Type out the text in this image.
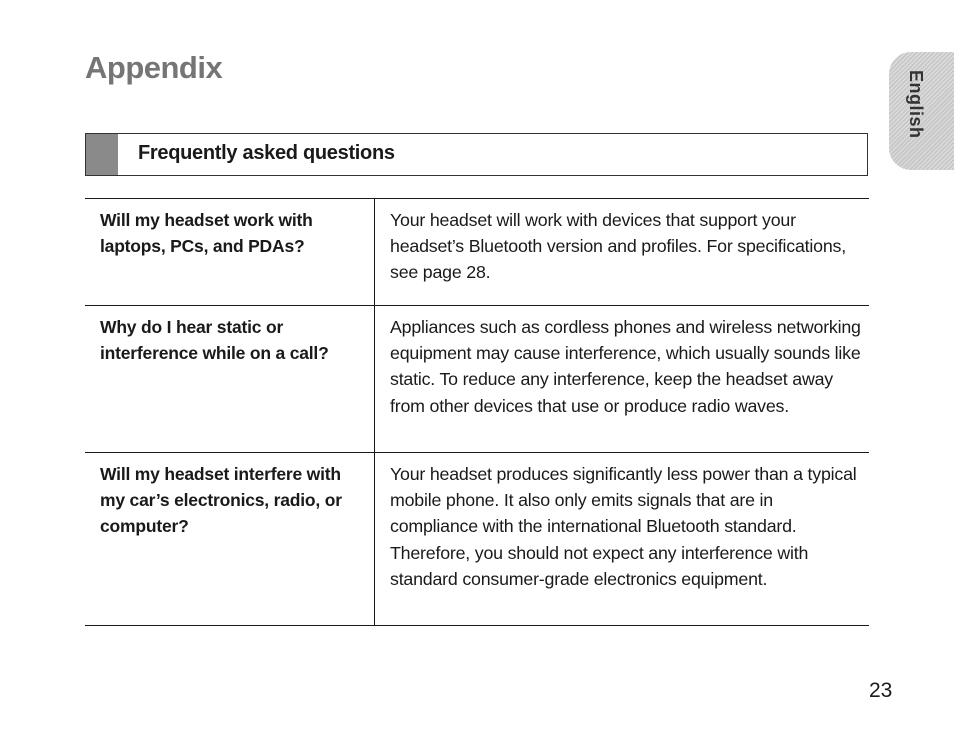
Appendix
English
Frequently asked questions
Will my headset work with laptops, PCs, and PDAs?	Your headset will work with devices that support your headset’s Bluetooth version and profiles. For specifications, see page 28.
Why do I hear static or interference while on a call?	Appliances such as cordless phones and wireless networking equipment may cause interference, which usually sounds like static. To reduce any interference, keep the headset away from other devices that use or produce radio waves.
Will my headset interfere with my car’s electronics, radio, or computer?	Your headset produces significantly less power than a typical mobile phone. It also only emits signals that are in compliance with the international Bluetooth standard. Therefore, you should not expect any interference with standard consumer-grade electronics equipment.
23
